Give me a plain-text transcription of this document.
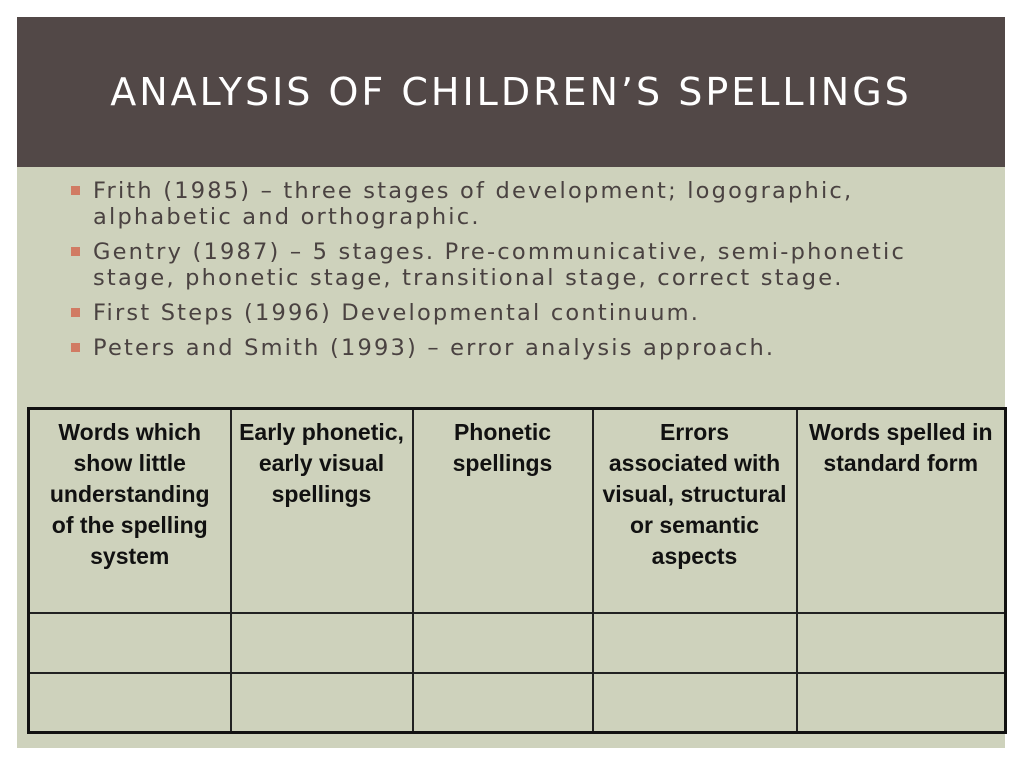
ANALYSIS OF CHILDREN’S SPELLINGS
Frith (1985) – three stages of development; logographic, alphabetic and orthographic.
Gentry (1987) – 5 stages. Pre-communicative, semi-phonetic stage, phonetic stage, transitional stage, correct stage.
First Steps (1996) Developmental continuum.
Peters and Smith (1993) – error analysis approach.
Words which show little understanding of the spelling system	Early phonetic, early visual spellings	Phonetic spellings	Errors associated with visual, structural or semantic aspects	Words spelled in standard form
